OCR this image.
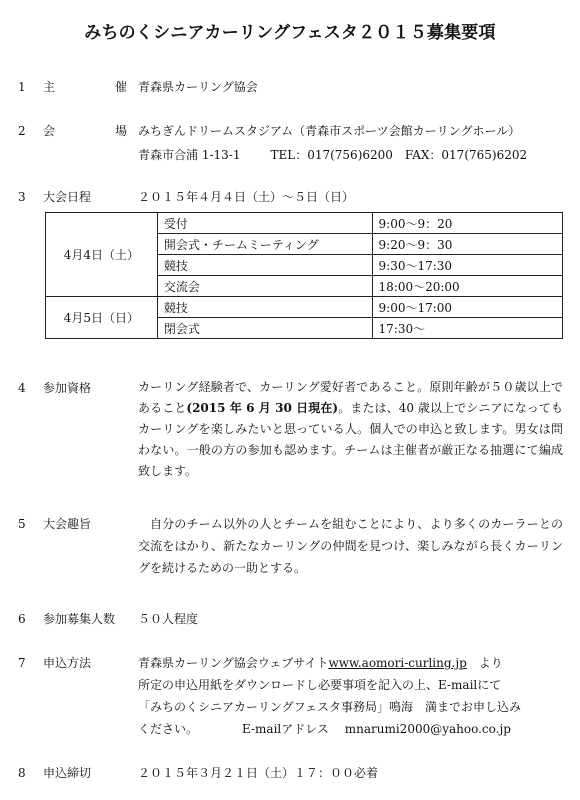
みちのくシニアカーリングフェスタ２０１５募集要項
1 主	催 青森県カーリング協会
2 会	場 みちぎんドリームスタジアム（青森市スポーツ会館カーリングホール）
青森市合浦 1-13-1	TEL：017(756)6200 FAX：017(765)6202
3 大会日程	２０１５年４月４日（土）～５日（日）
4月4日（土）	受付	9:00～9：20
	開会式・チームミーティング	9:20～9：30
	競技	9:30～17:30
	交流会	18:00～20:00
4月5日（日）	競技	9:00～17:00
	閉会式	17:30～
4 参加資格	カーリング経験者で、カーリング愛好者であること。原則年齢が５０歳以上であること(2015 年 6 月 30 日現在)。または、40 歳以上でシニアになってもカーリングを楽しみたいと思っている人。個人での申込と致します。男女は問わない。一般の方の参加も認めます。チームは主催者が厳正なる抽選にて編成致します。
5 大会趣旨	自分のチーム以外の人とチームを組むことにより、より多くのカーラーとの交流をはかり、新たなカーリングの仲間を見つけ、楽しみながら長くカーリングを続けるための一助とする。
6 参加募集人数 ５０人程度
7 申込方法	青森県カーリング協会ウェブサイトwww.aomori-curling.jp　 より
所定の申込用紙をダウンロードし必要事項を記入の上、E-mailにて
「みちのくシニアカーリングフェスタ事務局」鳴海　満までお申し込み
ください。	E-mailアドレス　 mnarumi2000@yahoo.co.jp
8 申込締切	２０１５年３月２１日（土）１７：００必着
